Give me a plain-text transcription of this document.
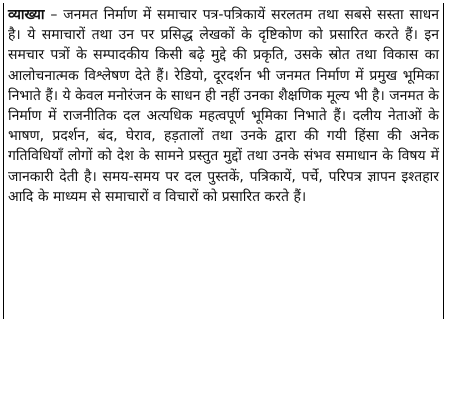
व्याख्या – जनमत निर्माण में समाचार पत्र-पत्रिकायें सरलतम तथा सबसे सस्ता साधन है। ये समाचारों तथा उन पर प्रसिद्ध लेखकों के दृष्टिकोण को प्रसारित करते हैं। इन समचार पत्रों के सम्पादकीय किसी बढ़े मुद्दे की प्रकृति, उसके स्रोत तथा विकास का आलोचनात्मक विश्लेषण देते हैं। रेडियो, दूरदर्शन भी जनमत निर्माण में प्रमुख भूमिका निभाते हैं। ये केवल मनोरंजन के साधन ही नहीं उनका शैक्षणिक मूल्य भी है। जनमत के निर्माण में राजनीतिक दल अत्यधिक महत्वपूर्ण भूमिका निभाते हैं। दलीय नेताओं के भाषण, प्रदर्शन, बंद, घेराव, हड़तालों तथा उनके द्वारा की गयी हिंसा की अनेक गतिविधियाँ लोगों को देश के सामने प्रस्तुत मुद्दों तथा उनके संभव समाधान के विषय में जानकारी देती है। समय-समय पर दल पुस्तकें, पत्रिकायें, पर्चे, परिपत्र ज्ञापन इश्तहार आदि के माध्यम से समाचारों व विचारों को प्रसारित करते हैं।
